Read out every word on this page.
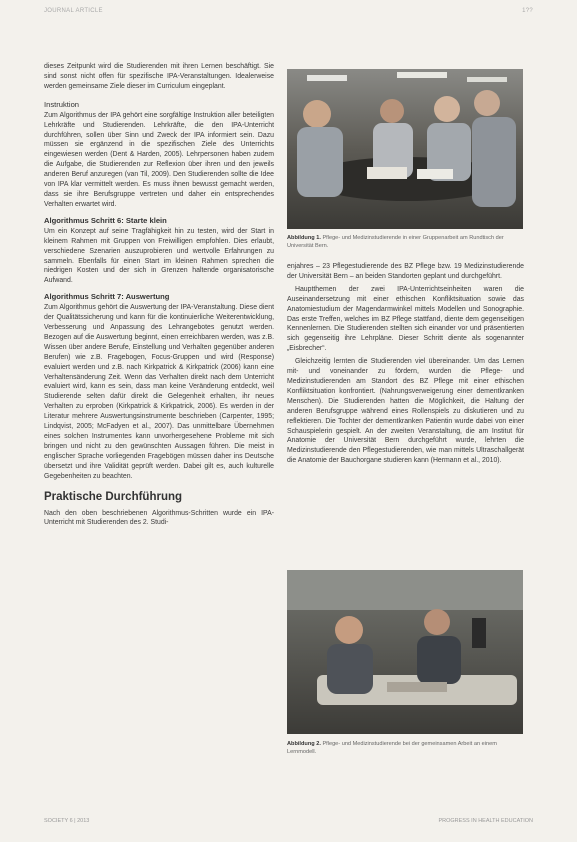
JOURNAL ARTICLE	1??

dieses Zeitpunkt wird die Studierenden mit ihren Lernen beschäftigt. Sie sind sonst nicht offen für spezifische IPA-Veranstaltungen. Idealerweise werden gemeinsame Ziele dieser im Curriculum eingeplant.

Instruktion

Zum Algorithmus der IPA gehört eine sorgfältige Instruktion aller beteiligten Lehrkräfte und Studierenden. Lehrkräfte, die den IPA-Unterricht durchführen, sollen über Sinn und Zweck der IPA informiert sein. Dazu müssen sie ergänzend in die spezifischen Ziele des Unterrichts eingewiesen werden (Dent & Harden, 2005). Lehrpersonen haben zudem die Aufgabe, die Studierenden zur Reflexion über ihren und den jeweils anderen Beruf anzuregen (van Til, 2009). Den Studierenden sollte die Idee von IPA klar vermittelt werden. Es muss ihnen bewusst gemacht werden, dass sie ihre Berufsgruppe vertreten und daher ein entsprechendes Verhalten erwartet wird.

Algorithmus Schritt 6: Starte klein

Um ein Konzept auf seine Tragfähigkeit hin zu testen, wird der Start in kleinem Rahmen mit Gruppen von Freiwilligen empfohlen. Dies erlaubt, verschiedene Szenarien auszuprobieren und wertvolle Erfahrungen zu sammeln. Ebenfalls für einen Start im kleinen Rahmen sprechen die niedrigen Kosten und der sich in Grenzen haltende organisatorische Aufwand.

Algorithmus Schritt 7: Auswertung

Zum Algorithmus gehört die Auswertung der IPA-Veranstaltung. Diese dient der Qualitätssicherung und kann für die kontinuierliche Weiterentwicklung, Verbesserung und Anpassung des Lehrangebotes genutzt werden. Bezogen auf die Auswertung beginnt, einen erreichbaren werden, was z.B. Wissen über andere Berufe, Einstellung und Verhalten gegenüber anderen Berufen) wie z.B. Fragebogen, Focus-Gruppen und wird (Response) evaluiert werden und z.B. nach Kirkpatrick & Kirkpatrick (2006) kann eine Verhaltensänderung Zeit. Wenn das Verhalten direkt nach dem Unterricht evaluiert wird, kann es sein, dass man keine Veränderung entdeckt, weil Studierende selten dafür direkt die Gelegenheit erhalten, ihr neues Verhalten zu erproben (Kirkpatrick & Kirkpatrick, 2006). Es werden in der Literatur mehrere Auswertungsinstrumente beschrieben (Carpenter, 1995; Lindqvist, 2005; McFadyen et al., 2007). Das unmittelbare Übernehmen eines solchen Instrumentes kann unvorhergesehene Probleme mit sich bringen und nicht zu den gewünschten Aussagen führen. Die meist in englischer Sprache vorliegenden Fragebögen müssen daher ins Deutsche übersetzt und ihre Validität geprüft werden. Dabei gilt es, auch kulturelle Gegebenheiten zu beachten.

Praktische Durchführung

Nach den oben beschriebenen Algorithmus-Schritten wurde ein IPA-Unterricht mit Studierenden des 2. Studi-

Abbildung 1. Pflege- und Medizinstudierende in einer Gruppenarbeit am Rundtisch der Universität Bern.

enjahres – 23 Pflegestudierende des BZ Pflege bzw. 19 Medizinstudierende der Universität Bern – an beiden Standorten geplant und durchgeführt.

Hauptthemen der zwei IPA-Unterrichtseinheiten waren die Auseinandersetzung mit einer ethischen Konfliktsituation sowie das Anatomiestudium der Magendarmwinkel mittels Modellen und Sonographie. Das erste Treffen, welches im BZ Pflege stattfand, diente dem gegenseitigen Kennenlernen. Die Studierenden stellten sich einander vor und präsentierten sich gegenseitig ihre Lehrpläne. Dieser Schritt diente als sogenannter „Eisbrecher“.

Gleichzeitig lernten die Studierenden viel übereinander. Um das Lernen mit- und voneinander zu fördern, wurden die Pflege- und Medizinstudierenden am Standort des BZ Pflege mit einer ethischen Konfliktsituation konfrontiert. (Nahrungsverweigerung einer dementkranken Menschen). Die Studierenden hatten die Möglichkeit, die Haltung der anderen Berufsgruppe während eines Rollenspiels zu diskutieren und zu reflektieren. Die Tochter der dementkranken Patientin wurde dabei von einer Schauspielerin gespielt. An der zweiten Veranstaltung, die am Institut für Anatomie der Universität Bern durchgeführt wurde, lehrten die Medizinstudierende den Pflegestudierenden, wie man mittels Ultraschallgerät die Anatomie der Bauchorgane studieren kann (Hermann et al., 2010).

Abbildung 2. Pflege- und Medizinstudierende bei der gemeinsamen Arbeit an einem Lernmodell.
SOCIETY 6 | 2013	PROGRESS IN HEALTH EDUCATION
